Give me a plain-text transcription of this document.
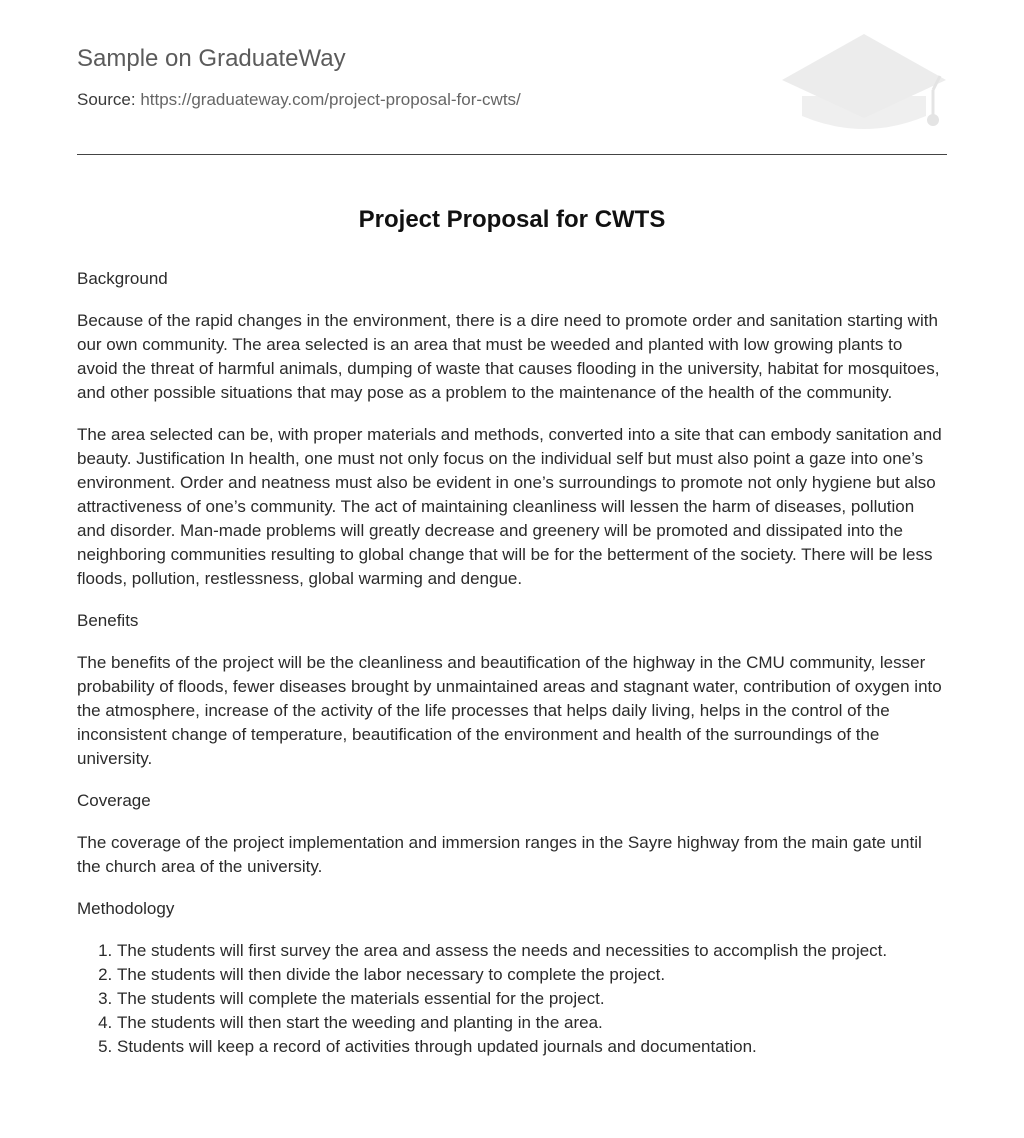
Sample on GraduateWay
Source: https://graduateway.com/project-proposal-for-cwts/
Project Proposal for CWTS

Background

Because of the rapid changes in the environment, there is a dire need to promote order and sanitation starting with our own community. The area selected is an area that must be weeded and planted with low growing plants to avoid the threat of harmful animals, dumping of waste that causes flooding in the university, habitat for mosquitoes, and other possible situations that may pose as a problem to the maintenance of the health of the community.

The area selected can be, with proper materials and methods, converted into a site that can embody sanitation and beauty. Justification In health, one must not only focus on the individual self but must also point a gaze into one’s environment. Order and neatness must also be evident in one’s surroundings to promote not only hygiene but also attractiveness of one’s community. The act of maintaining cleanliness will lessen the harm of diseases, pollution and disorder. Man-made problems will greatly decrease and greenery will be promoted and dissipated into the neighboring communities resulting to global change that will be for the betterment of the society. There will be less floods, pollution, restlessness, global warming and dengue.

Benefits

The benefits of the project will be the cleanliness and beautification of the highway in the CMU community, lesser probability of floods, fewer diseases brought by unmaintained areas and stagnant water, contribution of oxygen into the atmosphere, increase of the activity of the life processes that helps daily living, helps in the control of the inconsistent change of temperature, beautification of the environment and health of the surroundings of the university.

Coverage

The coverage of the project implementation and immersion ranges in the Sayre highway from the main gate until the church area of the university.

Methodology

1. The students will first survey the area and assess the needs and necessities to accomplish the project.
2. The students will then divide the labor necessary to complete the project.
3. The students will complete the materials essential for the project.
4. The students will then start the weeding and planting in the area.
5. Students will keep a record of activities through updated journals and documentation.
